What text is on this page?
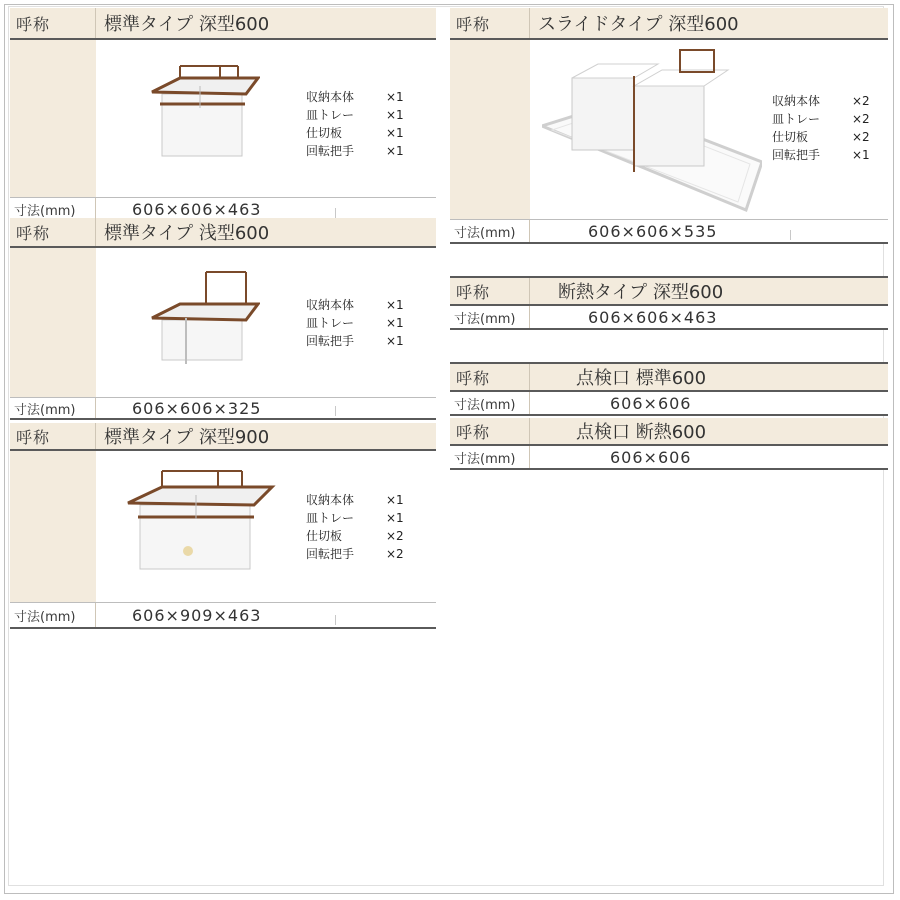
呼称	標準タイプ 深型600
収納本体	×1
皿トレー	×1
仕切板	×1
回転把手	×1
寸法(mm)	606×606×463
呼称	標準タイプ 浅型600
収納本体	×1
皿トレー	×1
回転把手	×1
寸法(mm)	606×606×325
呼称	標準タイプ 深型900
収納本体	×1
皿トレー	×1
仕切板	×2
回転把手	×2
寸法(mm)	606×909×463
呼称	スライドタイプ 深型600
収納本体	×2
皿トレー	×2
仕切板	×2
回転把手	×1
寸法(mm)	606×606×535
呼称	断熱タイプ 深型600
寸法(mm)	606×606×463
呼称	点検口 標準600
寸法(mm)	606×606
呼称	点検口 断熱600
寸法(mm)	606×606
